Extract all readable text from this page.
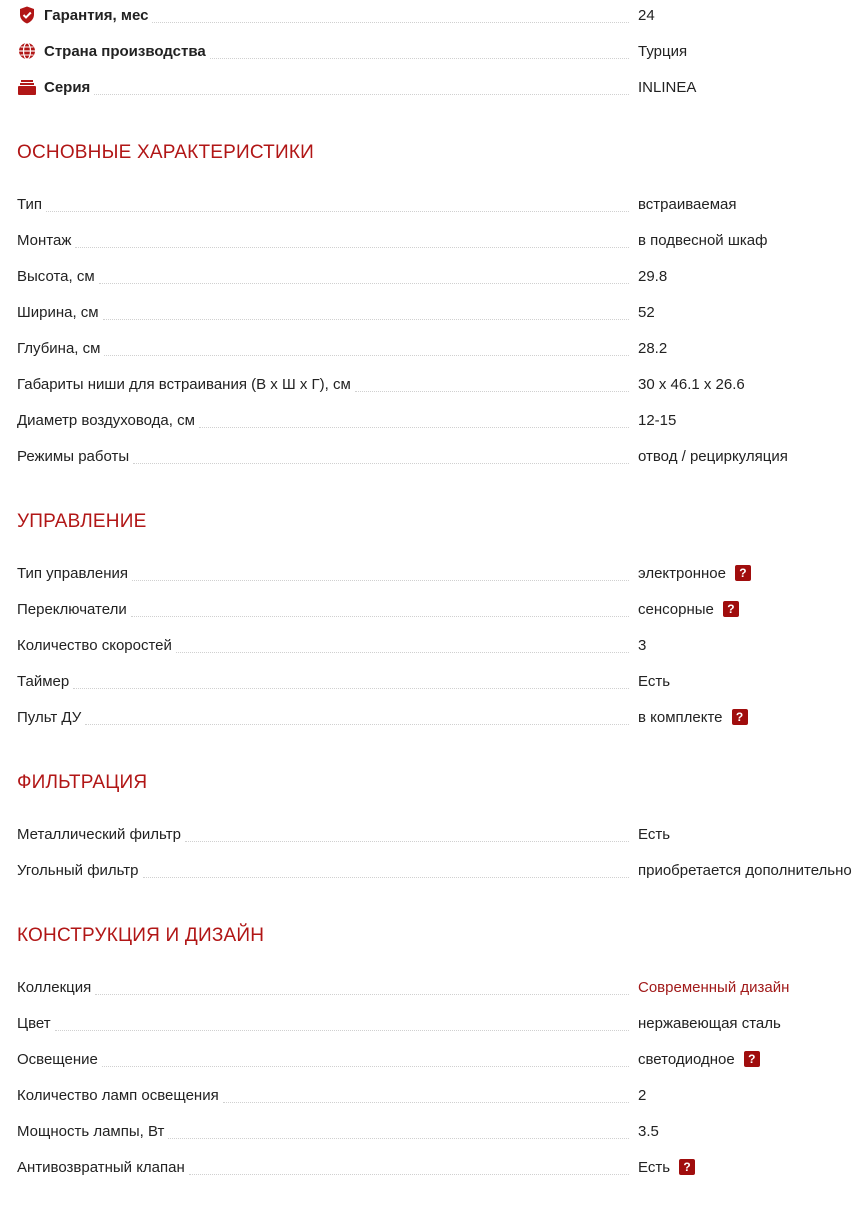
Гарантия, мес	24
Страна производства	Турция
Серия	INLINEA
ОСНОВНЫЕ ХАРАКТЕРИСТИКИ
Тип	встраиваемая
Монтаж	в подвесной шкаф
Высота, см	29.8
Ширина, см	52
Глубина, см	28.2
Габариты ниши для встраивания (В х Ш х Г), см	30 х 46.1 х 26.6
Диаметр воздуховода, см	12-15
Режимы работы	отвод / рециркуляция
УПРАВЛЕНИЕ
Тип управления	электронное	?
Переключатели	сенсорные	?
Количество скоростей	3
Таймер	Есть
Пульт ДУ	в комплекте	?
ФИЛЬТРАЦИЯ
Металлический фильтр	Есть
Угольный фильтр	приобретается дополнительно
КОНСТРУКЦИЯ И ДИЗАЙН
Коллекция	Современный дизайн
Цвет	нержавеющая сталь
Освещение	светодиодное	?
Количество ламп освещения	2
Мощность лампы, Вт	3.5
Антивозвратный клапан	Есть	?
